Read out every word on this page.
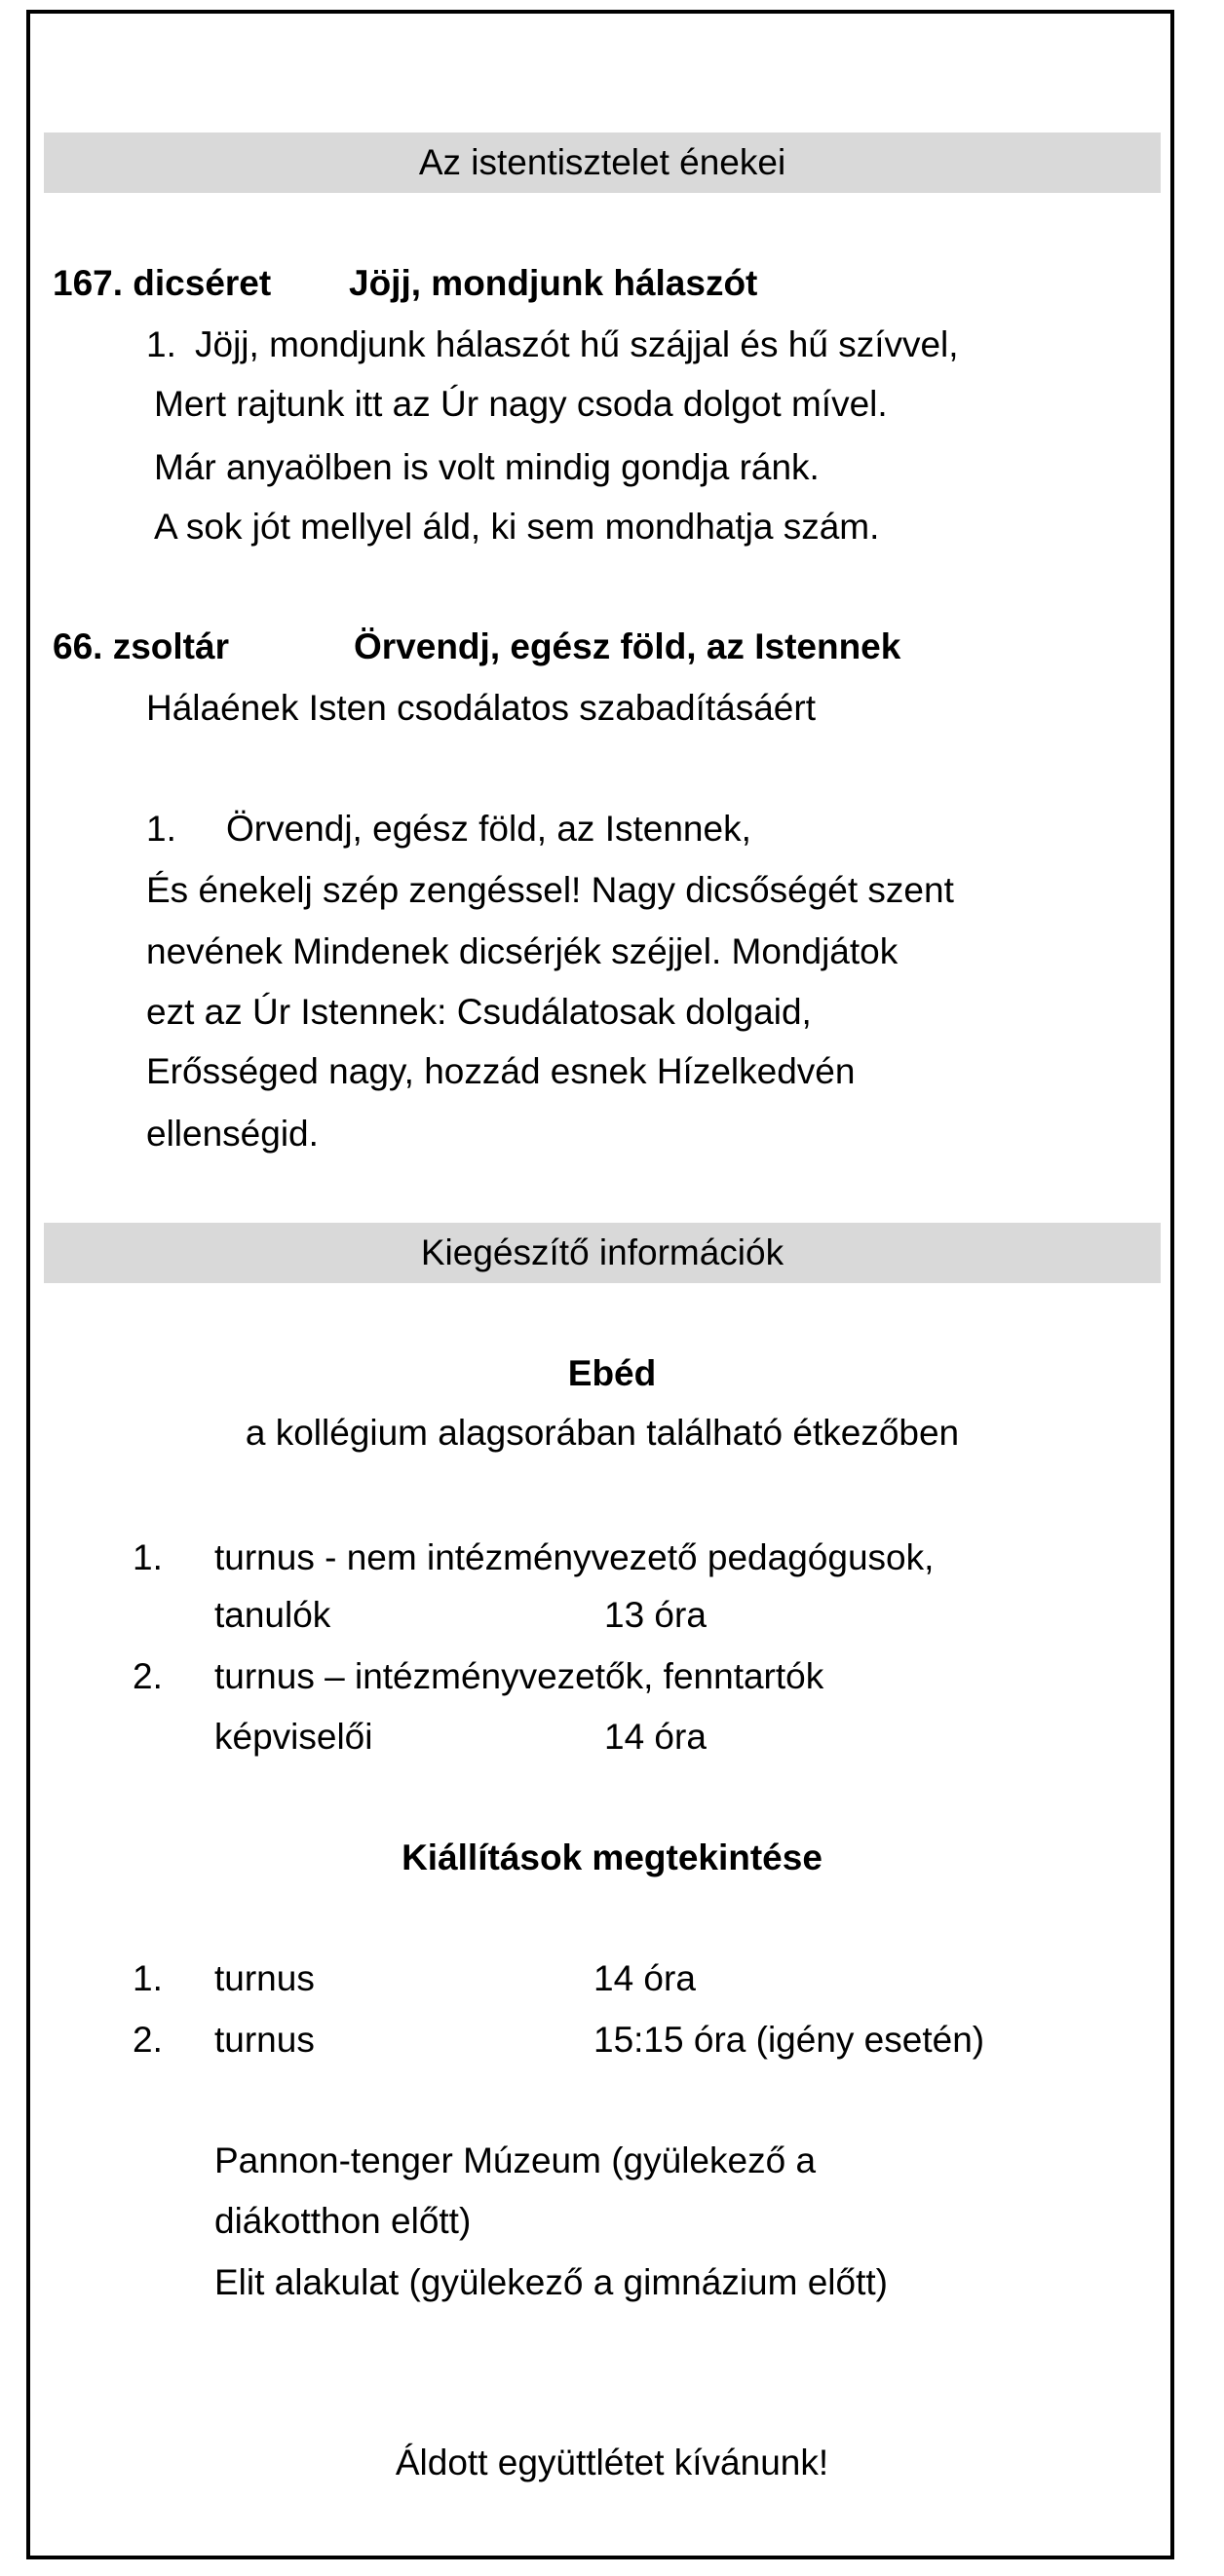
Az istentisztelet énekei
167. dicséret Jöjj, mondjunk hálaszót
1. Jöjj, mondjunk hálaszót hű szájjal és hű szívvel,
Mert rajtunk itt az Úr nagy csoda dolgot mível.
Már anyaölben is volt mindig gondja ránk.
A sok jót mellyel áld, ki sem mondhatja szám.
66. zsoltár	Örvendj, egész föld, az Istennek
Hálaének Isten csodálatos szabadításáért
1. Örvendj, egész föld, az Istennek,
És énekelj szép zengéssel! Nagy dicsőségét szent
nevének Mindenek dicsérjék széjjel. Mondjátok
ezt az Úr Istennek: Csudálatosak dolgaid,
Erősséged nagy, hozzád esnek Hízelkedvén
ellenségid.
Kiegészítő információk
Ebéd
a kollégium alagsorában található étkezőben
1. turnus - nem intézményvezető pedagógusok,
tanulók	13 óra
2. turnus – intézményvezetők, fenntartók
képviselői	14 óra
Kiállítások megtekintése
1. turnus	14 óra
2. turnus	15:15 óra (igény esetén)
Pannon-tenger Múzeum (gyülekező a
diákotthon előtt)
Elit alakulat (gyülekező a gimnázium előtt)
Áldott együttlétet kívánunk!
